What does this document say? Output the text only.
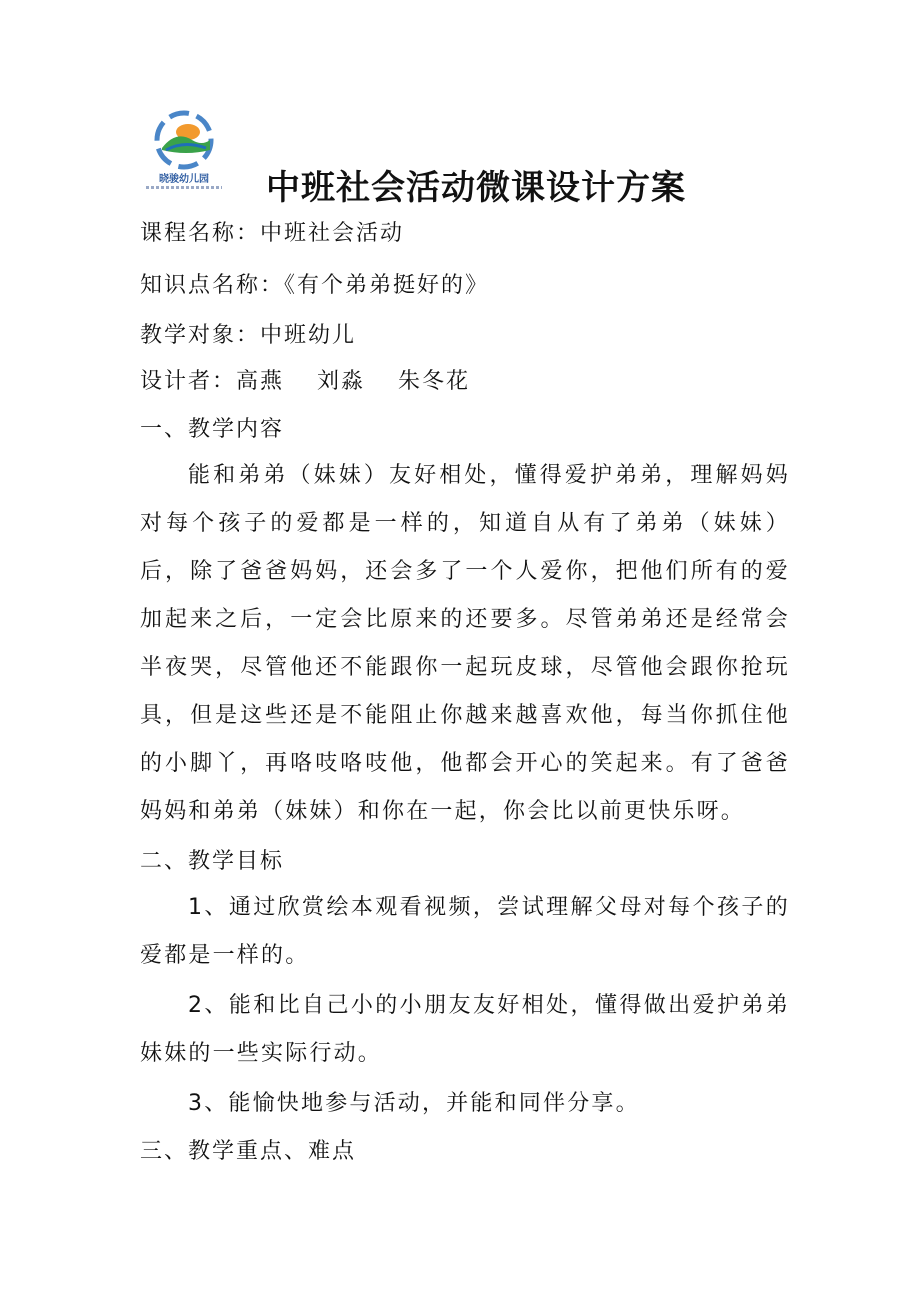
晓骏幼儿园	中班社会活动微课设计方案
课程名称：中班社会活动
知识点名称：《有个弟弟挺好的》
教学对象：中班幼儿
设计者：高燕　 刘淼　 朱冬花
一、教学内容
能和弟弟（妹妹）友好相处，懂得爱护弟弟，理解妈妈对每个孩子的爱都是一样的，知道自从有了弟弟（妹妹）后，除了爸爸妈妈，还会多了一个人爱你，把他们所有的爱加起来之后，一定会比原来的还要多。尽管弟弟还是经常会半夜哭，尽管他还不能跟你一起玩皮球，尽管他会跟你抢玩具，但是这些还是不能阻止你越来越喜欢他，每当你抓住他的小脚丫，再咯吱咯吱他，他都会开心的笑起来。有了爸爸妈妈和弟弟（妹妹）和你在一起，你会比以前更快乐呀。
二、教学目标
1、通过欣赏绘本观看视频，尝试理解父母对每个孩子的爱都是一样的。
2、能和比自己小的小朋友友好相处，懂得做出爱护弟弟妹妹的一些实际行动。
3、能愉快地参与活动，并能和同伴分享。
三、教学重点、难点
